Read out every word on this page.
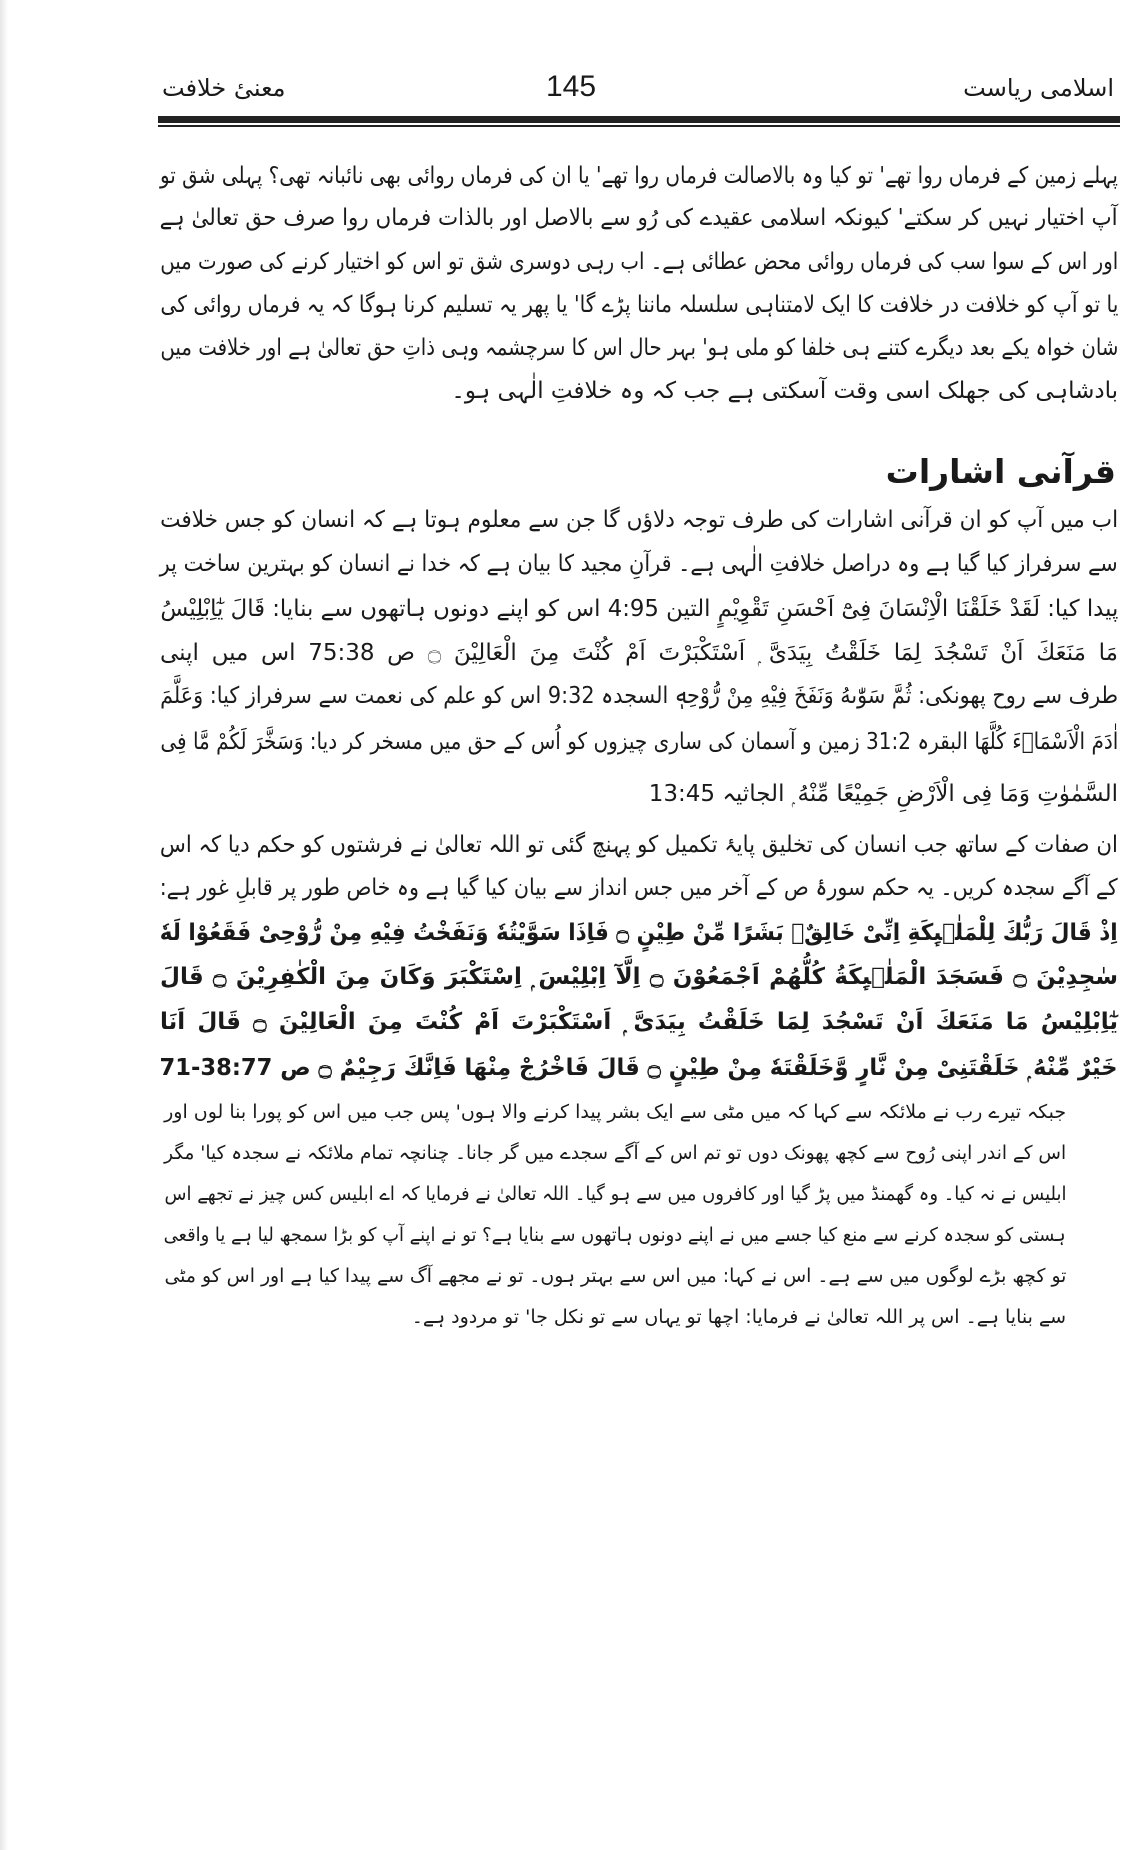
اسلامی ریاست
145
معنیٔ خلافت
پہلے زمین کے فرماں روا تھے' تو کیا وہ بالاصالت فرماں روا تھے' یا ان کی فرماں روائی بھی نائبانہ تھی؟ پہلی شق تو
آپ اختیار نہیں کر سکتے' کیونکہ اسلامی عقیدے کی رُو سے بالاصل اور بالذات فرماں روا صرف حق تعالیٰ ہے
اور اس کے سوا سب کی فرماں روائی محض عطائی ہے۔ اب رہی دوسری شق تو اس کو اختیار کرنے کی صورت میں
یا تو آپ کو خلافت در خلافت کا ایک لامتناہی سلسلہ ماننا پڑے گا' یا پھر یہ تسلیم کرنا ہوگا کہ یہ فرماں روائی کی
شان خواہ یکے بعد دیگرے کتنے ہی خلفا کو ملی ہو' بہر حال اس کا سرچشمہ وہی ذاتِ حق تعالیٰ ہے اور خلافت میں
بادشاہی کی جھلک اسی وقت آسکتی ہے جب کہ وہ خلافتِ الٰہی ہو۔
اب میں آپ کو ان قرآنی اشارات کی طرف توجہ دلاؤں گا جن سے معلوم ہوتا ہے کہ انسان کو جس خلافت
سے سرفراز کیا گیا ہے وہ دراصل خلافتِ الٰہی ہے۔ قرآنِ مجید کا بیان ہے کہ خدا نے انسان کو بہترین ساخت پر
پیدا کیا: لَقَدْ خَلَقْنَا الْاِنْسَانَ فِیْٓ اَحْسَنِ تَقْوِیْمٍ التین 4:95 اس کو اپنے دونوں ہاتھوں سے بنایا: قَالَ یٰٓاِبْلِیْسُ
مَا مَنَعَكَ اَنْ تَسْجُدَ لِمَا خَلَقْتُ بِیَدَیَّ ۭ اَسْتَكْبَرْتَ اَمْ كُنْتَ مِنَ الْعَالِیْنَ ۝ ص 75:38 اس میں اپنی
طرف سے روح پھونکی: ثُمَّ سَوّٰىهُ وَنَفَخَ فِیْهِ مِنْ رُّوْحِهٖ السجدہ 9:32 اس کو علم کی نعمت سے سرفراز کیا: وَعَلَّمَ
اٰدَمَ الْاَسْمَاۗءَ كُلَّهَا البقرہ 31:2 زمین و آسمان کی ساری چیزوں کو اُس کے حق میں مسخر کر دیا: وَسَخَّرَ لَكُمْ مَّا فِی
السَّمٰوٰتِ وَمَا فِی الْاَرْضِ جَمِیْعًا مِّنْهُ ۭ الجاثیہ 13:45
ان صفات کے ساتھ جب انسان کی تخلیق پایۂ تکمیل کو پہنچ گئی تو اللہ تعالیٰ نے فرشتوں کو حکم دیا کہ اس
کے آگے سجدہ کریں۔ یہ حکم سورۂ ص کے آخر میں جس انداز سے بیان کیا گیا ہے وہ خاص طور پر قابلِ غور ہے:
اِذْ قَالَ رَبُّكَ لِلْمَلٰۗىِٕكَةِ اِنِّیْ خَالِقٌۢ بَشَرًا مِّنْ طِیْنٍ ۝ فَاِذَا سَوَّیْتُهٗ وَنَفَخْتُ فِیْهِ مِنْ رُّوْحِیْ فَقَعُوْا لَهٗ
سٰجِدِیْنَ ۝ فَسَجَدَ الْمَلٰۗىِٕكَةُ كُلُّهُمْ اَجْمَعُوْنَ ۝ اِلَّآ اِبْلِیْسَ ۭ اِسْتَكْبَرَ وَكَانَ مِنَ الْكٰفِرِیْنَ ۝ قَالَ
یٰٓاِبْلِیْسُ مَا مَنَعَكَ اَنْ تَسْجُدَ لِمَا خَلَقْتُ بِیَدَیَّ ۭ اَسْتَكْبَرْتَ اَمْ كُنْتَ مِنَ الْعَالِیْنَ ۝ قَالَ اَنَا
خَیْرٌ مِّنْهُ ۭ خَلَقْتَنِیْ مِنْ نَّارٍ وَّخَلَقْتَهٗ مِنْ طِیْنٍ ۝ قَالَ فَاخْرُجْ مِنْهَا فَاِنَّكَ رَجِیْمٌ ۝ ص 38:77-71
جبکہ تیرے رب نے ملائکہ سے کہا کہ میں مٹی سے ایک بشر پیدا کرنے والا ہوں' پس جب میں اس کو پورا بنا لوں اور
اس کے اندر اپنی رُوح سے کچھ پھونک دوں تو تم اس کے آگے سجدے میں گر جانا۔ چنانچہ تمام ملائکہ نے سجدہ کیا' مگر
ابلیس نے نہ کیا۔ وہ گھمنڈ میں پڑ گیا اور کافروں میں سے ہو گیا۔ اللہ تعالیٰ نے فرمایا کہ اے ابلیس کس چیز نے تجھے اس
ہستی کو سجدہ کرنے سے منع کیا جسے میں نے اپنے دونوں ہاتھوں سے بنایا ہے؟ تو نے اپنے آپ کو بڑا سمجھ لیا ہے یا واقعی
تو کچھ بڑے لوگوں میں سے ہے۔ اس نے کہا: میں اس سے بہتر ہوں۔ تو نے مجھے آگ سے پیدا کیا ہے اور اس کو مٹی
سے بنایا ہے۔ اس پر اللہ تعالیٰ نے فرمایا: اچھا تو یہاں سے تو نکل جا' تو مردود ہے۔
قرآنی اشارات
